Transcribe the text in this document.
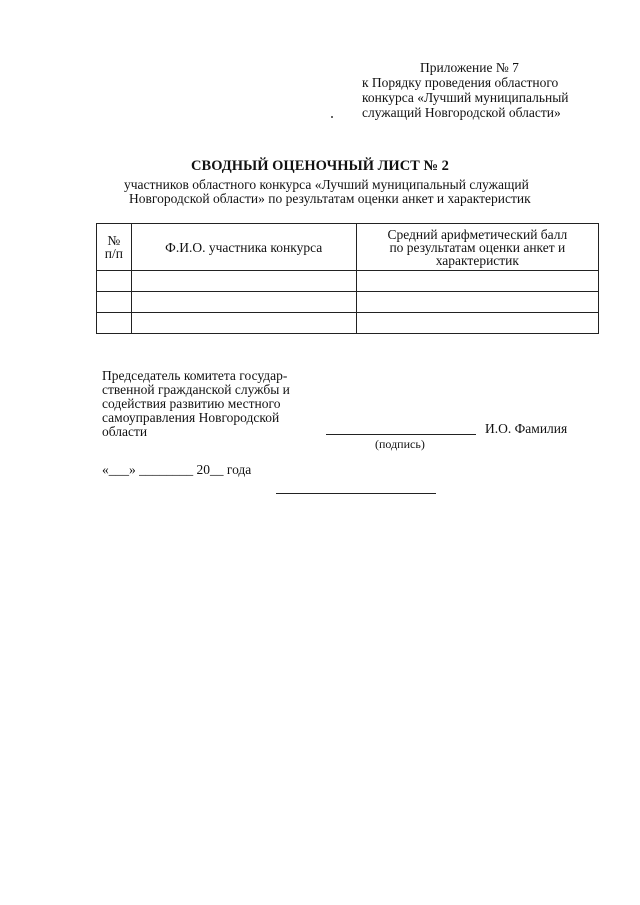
Приложение № 7
к Порядку проведения областного
конкурса «Лучший муниципальный
служащий Новгородской области»
СВОДНЫЙ ОЦЕНОЧНЫЙ ЛИСТ № 2
участников областного конкурса «Лучший муниципальный служащий
Новгородской области» по результатам оценки анкет и характеристик
№
п/п	Ф.И.О. участника конкурса	Средний арифметический балл
по результатам оценки анкет и
характеристик

Председатель комитета государ-
ственной гражданской службы и
содействия развитию местного
самоуправления Новгородской
области
(подпись)
И.О. Фамилия
«___» ________ 20__ года
